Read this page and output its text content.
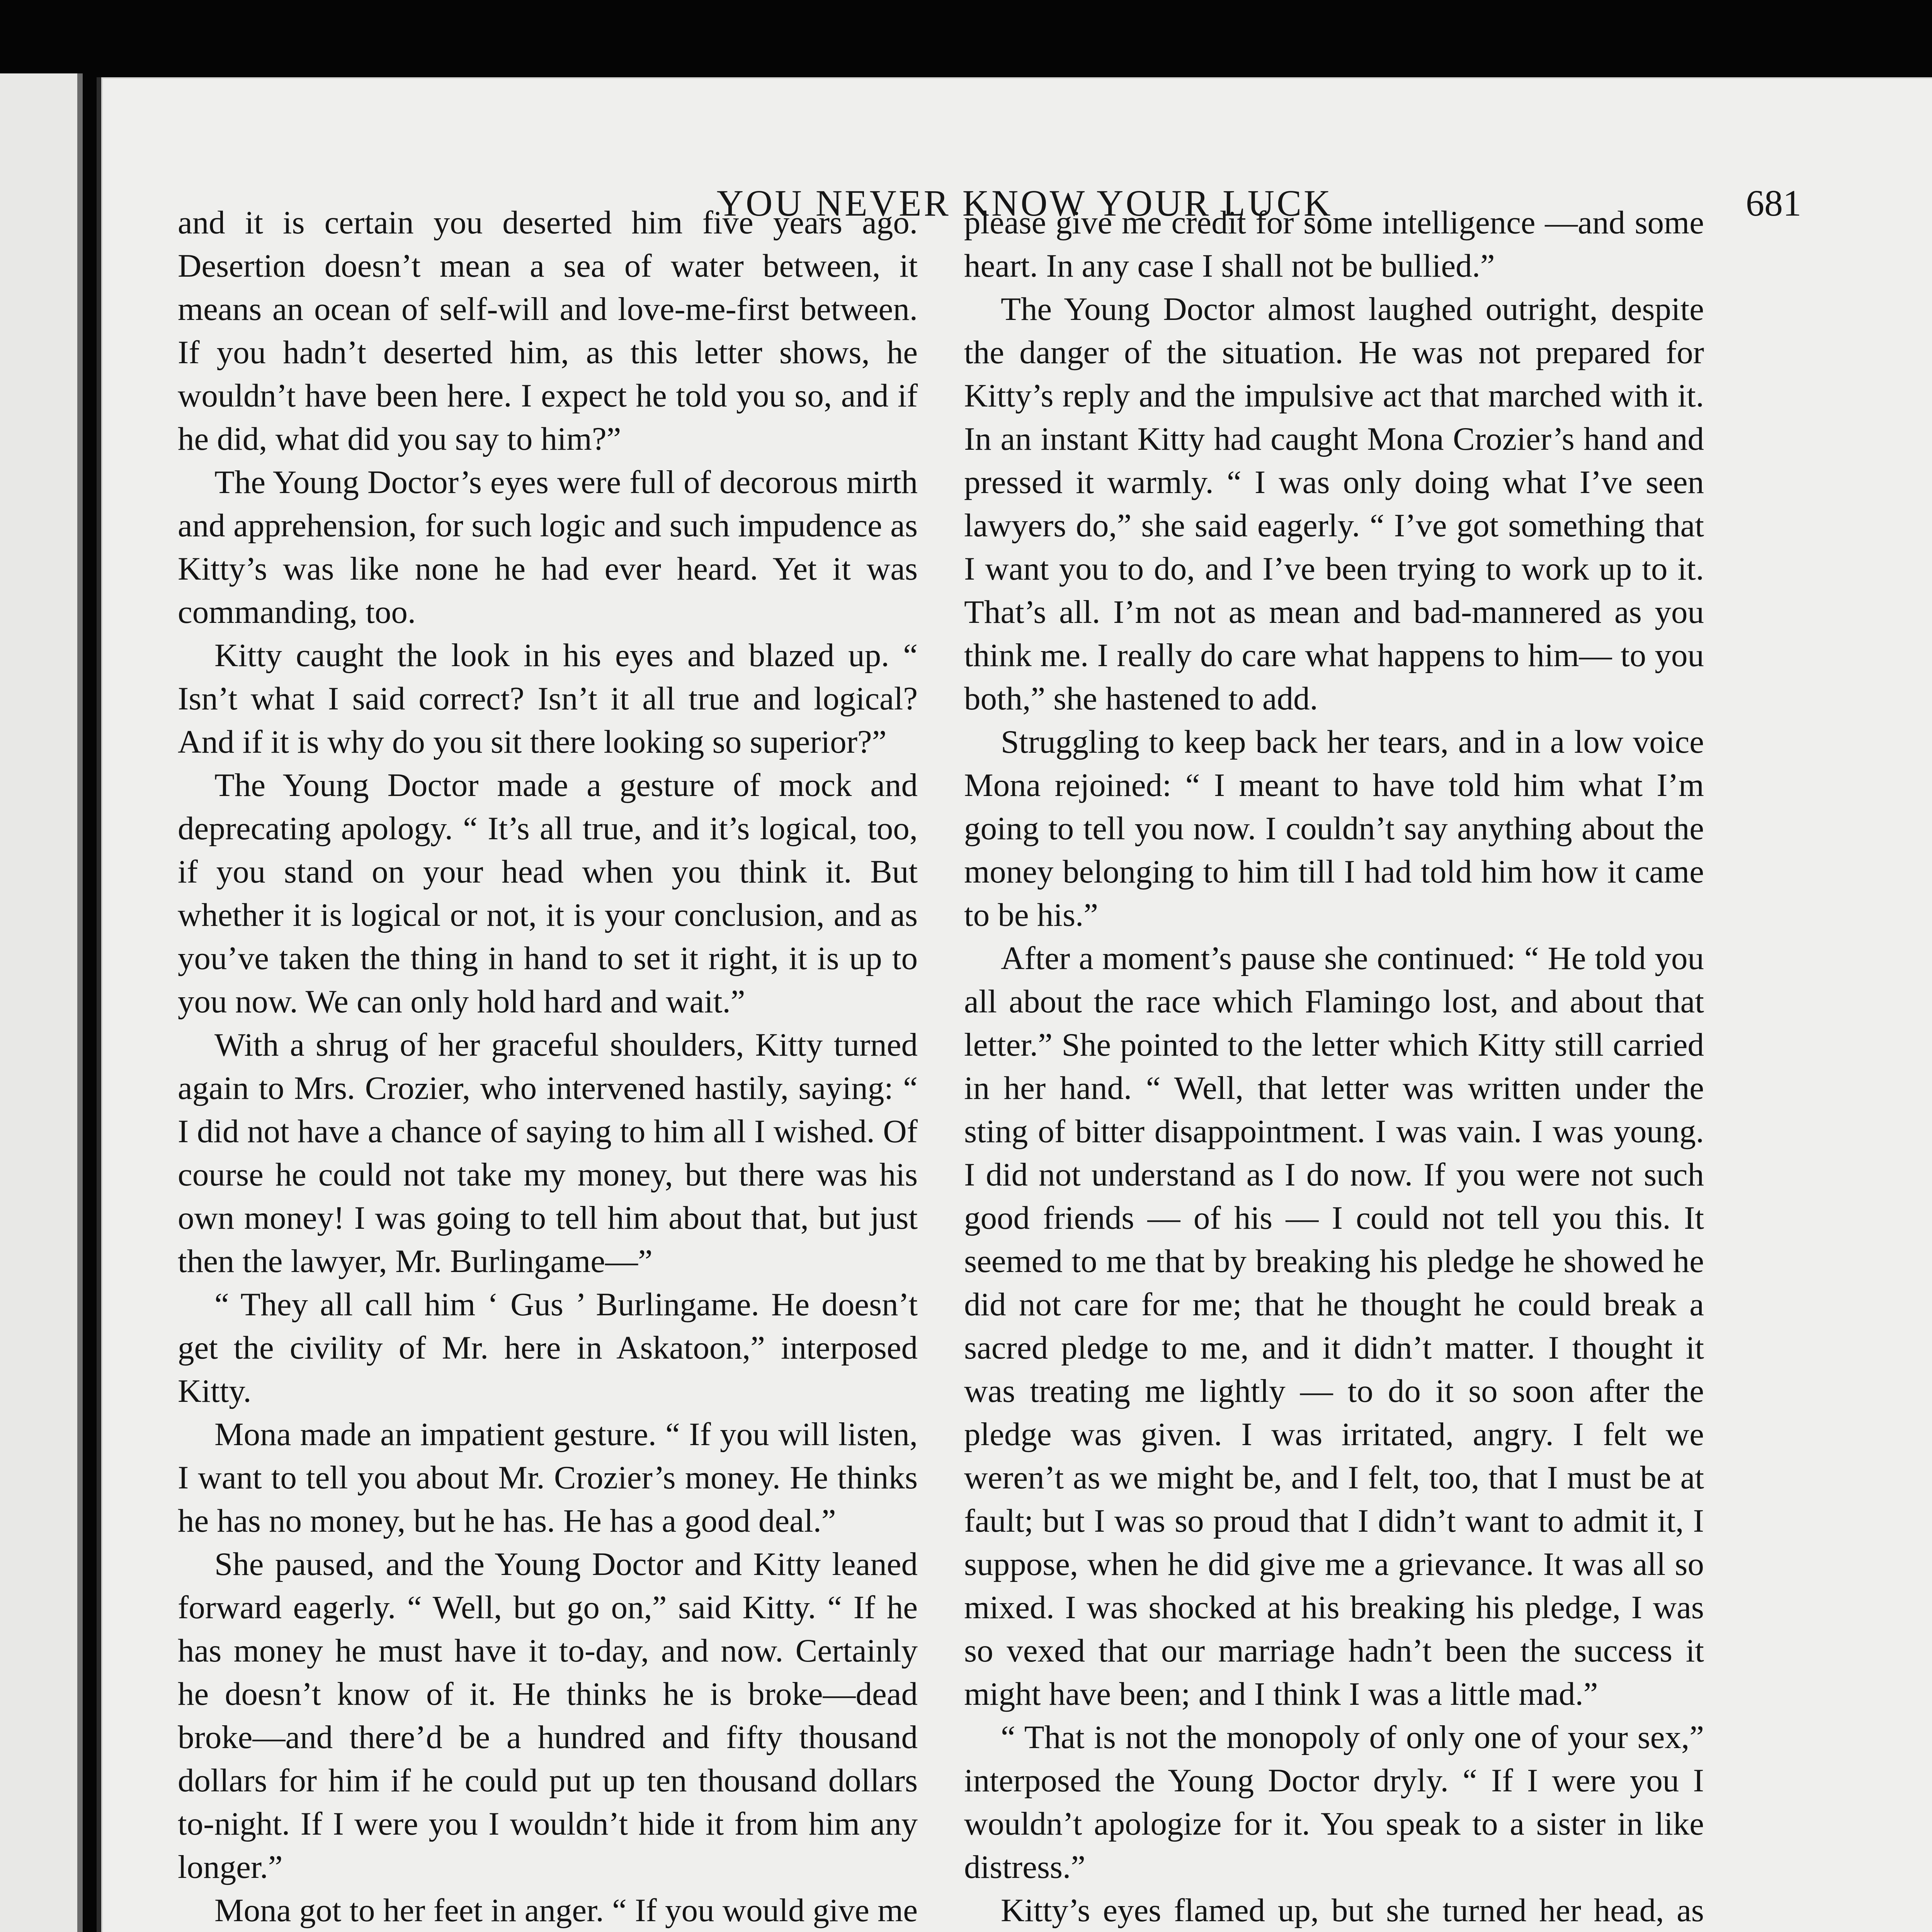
YOU NEVER KNOW YOUR LUCK	681

and it is certain you deserted him five years ago. Desertion doesn’t mean a sea of water between, it means an ocean of self-will and love-me-first between. If you hadn’t deserted him, as this letter shows, he wouldn’t have been here. I expect he told you so, and if he did, what did you say to him?”

The Young Doctor’s eyes were full of decorous mirth and apprehension, for such logic and such impudence as Kitty’s was like none he had ever heard. Yet it was commanding, too.

Kitty caught the look in his eyes and blazed up. “ Isn’t what I said correct? Isn’t it all true and logical? And if it is why do you sit there looking so superior?”

The Young Doctor made a gesture of mock and deprecating apology. “ It’s all true, and it’s logical, too, if you stand on your head when you think it. But whether it is logical or not, it is your conclusion, and as you’ve taken the thing in hand to set it right, it is up to you now. We can only hold hard and wait.”

With a shrug of her graceful shoulders, Kitty turned again to Mrs. Crozier, who intervened hastily, saying: “ I did not have a chance of saying to him all I wished. Of course he could not take my money, but there was his own money! I was going to tell him about that, but just then the lawyer, Mr. Burlingame—”

“ They all call him ‘ Gus ’ Burlingame. He doesn’t get the civility of Mr. here in Askatoon,” interposed Kitty.

Mona made an impatient gesture. “ If you will listen, I want to tell you about Mr. Crozier’s money. He thinks he has no money, but he has. He has a good deal.”

She paused, and the Young Doctor and Kitty leaned forward eagerly. “ Well, but go on,” said Kitty. “ If he has money he must have it to-day, and now. Certainly he doesn’t know of it. He thinks he is broke—dead broke—and there’d be a hundred and fifty thousand dollars for him if he could put up ten thousand dollars to-night. If I were you I wouldn’t hide it from him any longer.”

Mona got to her feet in anger. “ If you would give me

please give me credit for some intelligence —and some heart. In any case I shall not be bullied.”

The Young Doctor almost laughed outright, despite the danger of the situation. He was not prepared for Kitty’s reply and the impulsive act that marched with it. In an instant Kitty had caught Mona Crozier’s hand and pressed it warmly. “ I was only doing what I’ve seen lawyers do,” she said eagerly. “ I’ve got something that I want you to do, and I’ve been trying to work up to it. That’s all. I’m not as mean and bad-mannered as you think me. I really do care what happens to him— to you both,” she hastened to add.

Struggling to keep back her tears, and in a low voice Mona rejoined: “ I meant to have told him what I’m going to tell you now. I couldn’t say anything about the money belonging to him till I had told him how it came to be his.”

After a moment’s pause she continued: “ He told you all about the race which Flamingo lost, and about that letter.” She pointed to the letter which Kitty still carried in her hand. “ Well, that letter was written under the sting of bitter disappointment. I was vain. I was young. I did not understand as I do now. If you were not such good friends — of his — I could not tell you this. It seemed to me that by breaking his pledge he showed he did not care for me; that he thought he could break a sacred pledge to me, and it didn’t matter. I thought it was treating me lightly — to do it so soon after the pledge was given. I was irritated, angry. I felt we weren’t as we might be, and I felt, too, that I must be at fault; but I was so proud that I didn’t want to admit it, I suppose, when he did give me a grievance. It was all so mixed. I was shocked at his breaking his pledge, I was so vexed that our marriage hadn’t been the success it might have been; and I think I was a little mad.”

“ That is not the monopoly of only one of your sex,” interposed the Young Doctor dryly. “ If I were you I wouldn’t apologize for it. You speak to a sister in like distress.”

Kitty’s eyes flamed up, but she turned her head, as
